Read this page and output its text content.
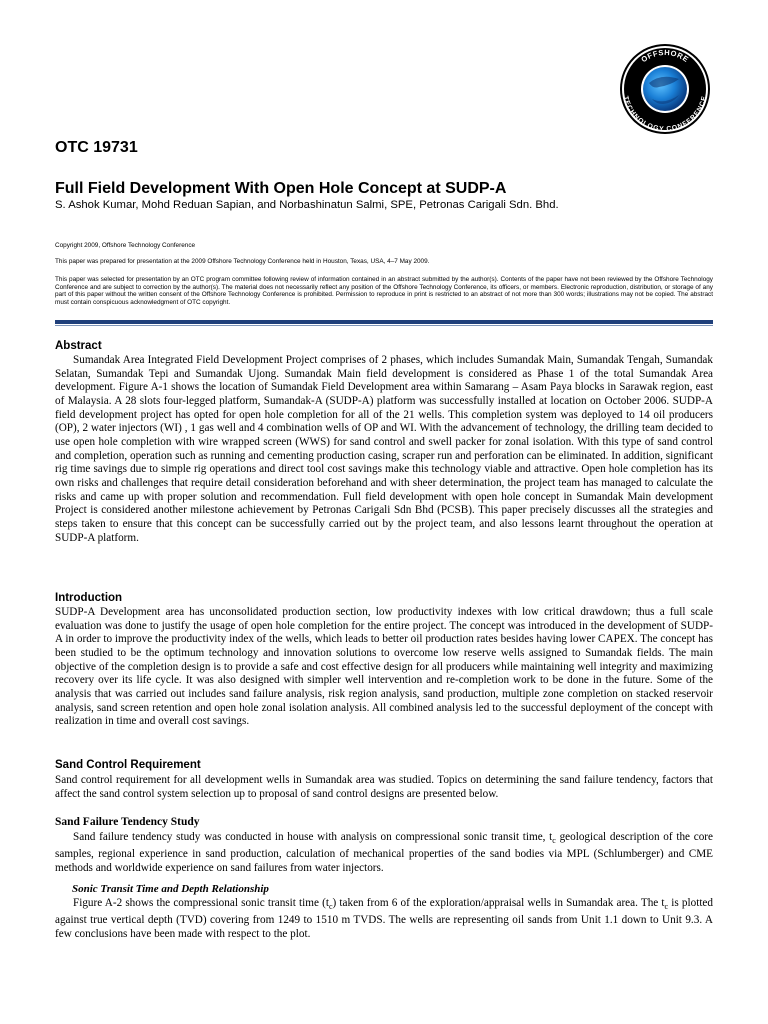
OFFSHORE
TECHNOLOGY CONFERENCE

OTC 19731

Full Field Development With Open Hole Concept at SUDP-A

S. Ashok Kumar, Mohd Reduan Sapian, and Norbashinatun Salmi, SPE, Petronas Carigali Sdn. Bhd.

Copyright 2009, Offshore Technology Conference

This paper was prepared for presentation at the 2009 Offshore Technology Conference held in Houston, Texas, USA, 4–7 May 2009.

This paper was selected for presentation by an OTC program committee following review of information contained in an abstract submitted by the author(s). Contents of the paper have not been reviewed by the Offshore Technology Conference and are subject to correction by the author(s). The material does not necessarily reflect any position of the Offshore Technology Conference, its officers, or members. Electronic reproduction, distribution, or storage of any part of this paper without the written consent of the Offshore Technology Conference is prohibited. Permission to reproduce in print is restricted to an abstract of not more than 300 words; illustrations may not be copied. The abstract must contain conspicuous acknowledgment of OTC copyright.

Abstract

Sumandak Area Integrated Field Development Project comprises of 2 phases, which includes Sumandak Main, Sumandak Tengah, Sumandak Selatan, Sumandak Tepi and Sumandak Ujong. Sumandak Main field development is considered as Phase 1 of the total Sumandak Area development. Figure A-1 shows the location of Sumandak Field Development area within Samarang – Asam Paya blocks in Sarawak region, east of Malaysia. A 28 slots four-legged platform, Sumandak-A (SUDP-A) platform was successfully installed at location on October 2006. SUDP-A field development project has opted for open hole completion for all of the 21 wells. This completion system was deployed to 14 oil producers (OP), 2 water injectors (WI) , 1 gas well and 4 combination wells of OP and WI. With the advancement of technology, the drilling team decided to use open hole completion with wire wrapped screen (WWS) for sand control and swell packer for zonal isolation. With this type of sand control and completion, operation such as running and cementing production casing, scraper run and perforation can be eliminated. In addition, significant rig time savings due to simple rig operations and direct tool cost savings make this technology viable and attractive. Open hole completion has its own risks and challenges that require detail consideration beforehand and with sheer determination, the project team has managed to calculate the risks and came up with proper solution and recommendation. Full field development with open hole concept in Sumandak Main development Project is considered another milestone achievement by Petronas Carigali Sdn Bhd (PCSB). This paper precisely discusses all the strategies and steps taken to ensure that this concept can be successfully carried out by the project team, and also lessons learnt throughout the operation at SUDP-A platform.

Introduction

SUDP-A Development area has unconsolidated production section, low productivity indexes with low critical drawdown; thus a full scale evaluation was done to justify the usage of open hole completion for the entire project. The concept was introduced in the development of SUDP-A in order to improve the productivity index of the wells, which leads to better oil production rates besides having lower CAPEX. The concept has been studied to be the optimum technology and innovation solutions to overcome low reserve wells assigned to Sumandak fields. The main objective of the completion design is to provide a safe and cost effective design for all producers while maintaining well integrity and maximizing recovery over its life cycle. It was also designed with simpler well intervention and re-completion work to be done in the future. Some of the analysis that was carried out includes sand failure analysis, risk region analysis, sand production, multiple zone completion on stacked reservoir analysis, sand screen retention and open hole zonal isolation analysis. All combined analysis led to the successful deployment of the concept with realization in time and overall cost savings.

Sand Control Requirement

Sand control requirement for all development wells in Sumandak area was studied. Topics on determining the sand failure tendency, factors that affect the sand control system selection up to proposal of sand control designs are presented below.

Sand Failure Tendency Study

Sand failure tendency study was conducted in house with analysis on compressional sonic transit time, $t_c$ geological description of the core samples, regional experience in sand production, calculation of mechanical properties of the sand bodies via MPL (Schlumberger) and CME methods and worldwide experience on sand failures from water injectors.

Sonic Transit Time and Depth Relationship

Figure A-2 shows the compressional sonic transit time $(t_c)$ taken from 6 of the exploration/appraisal wells in Sumandak area. The $t_c$ is plotted against true vertical depth (TVD) covering from 1249 to 1510 m TVDS. The wells are representing oil sands from Unit 1.1 down to Unit 9.3. A few conclusions have been made with respect to the plot.
